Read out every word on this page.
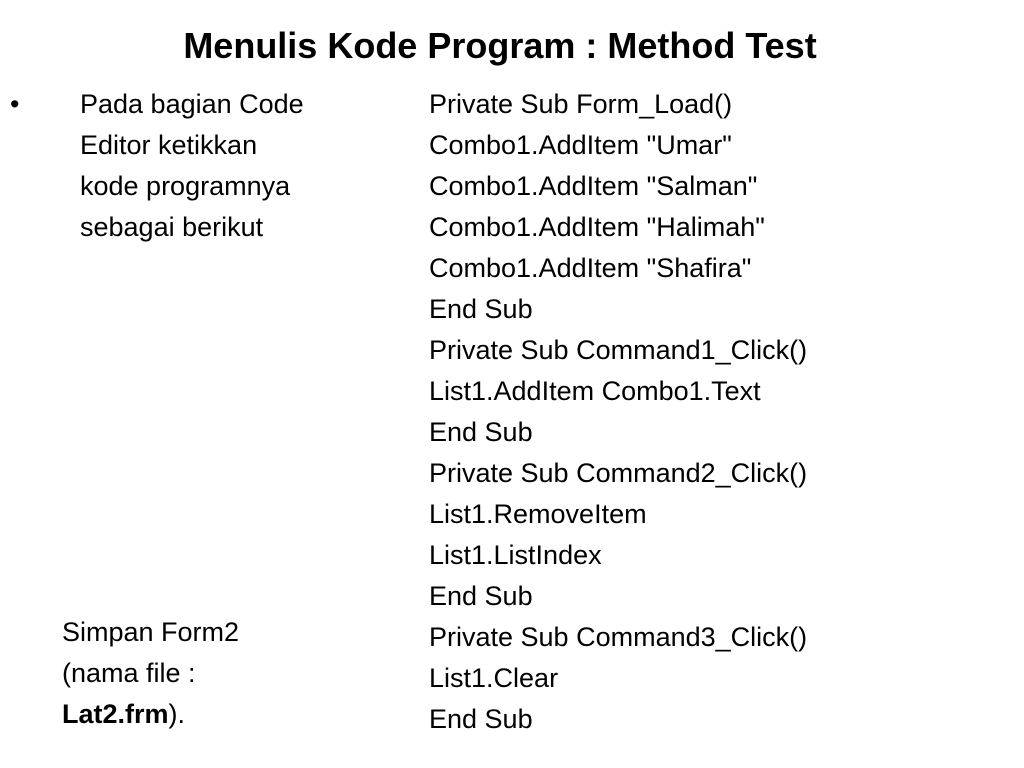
Menulis Kode Program : Method Test
• Pada bagian Code
Editor ketikkan
kode programnya
sebagai berikut
Simpan Form2
(nama file :
Lat2.frm).
Private Sub Form_Load()
Combo1.AddItem "Umar"
Combo1.AddItem "Salman"
Combo1.AddItem "Halimah"
Combo1.AddItem "Shafira"
End Sub
Private Sub Command1_Click()
List1.AddItem Combo1.Text
End Sub
Private Sub Command2_Click()
List1.RemoveItem
List1.ListIndex
End Sub
Private Sub Command3_Click()
List1.Clear
End Sub
